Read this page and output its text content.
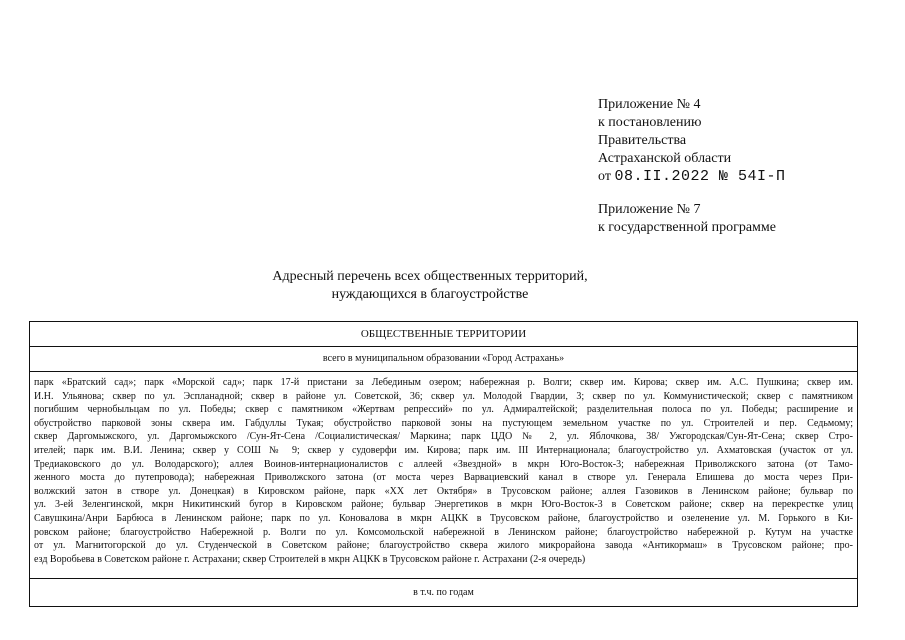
Приложение № 4
к постановлению
Правительства
Астраханской области
от 08.II.2022 № 54I-П
Приложение № 7
к государственной программе
Адресный перечень всех общественных территорий,
нуждающихся в благоустройстве
ОБЩЕСТВЕННЫЕ ТЕРРИТОРИИ
всего в муниципальном образовании «Город Астрахань»
парк «Братский сад»; парк «Морской сад»; парк 17-й пристани за Лебединым озером; набережная р. Волги; сквер им. Кирова; сквер им. А.С. Пушкина; сквер им.
И.Н. Ульянова; сквер по ул. Эспланадной; сквер в районе ул. Советской, 36; сквер ул. Молодой Гвардии, 3; сквер по ул. Коммунистической; сквер с памятником
погибшим чернобыльцам по ул. Победы; сквер с памятником «Жертвам репрессий» по ул. Адмиралтейской; разделительная полоса по ул. Победы; расширение и
обустройство парковой зоны сквера им. Габдуллы Тукая; обустройство парковой зоны на пустующем земельном участке по ул. Строителей и пер. Седьмому;
сквер Даргомыжского, ул. Даргомыжского /Сун-Ят-Сена /Социалистическая/ Маркина; парк ЦДО № 2, ул. Яблочкова, 38/ Ужгородская/Сун-Ят-Сена; сквер Стро-
ителей; парк им. В.И. Ленина; сквер у СОШ № 9; сквер у судоверфи им. Кирова; парк им. III Интернационала; благоустройство ул. Ахматовская (участок от ул.
Тредиаковского до ул. Володарского); аллея Воинов-интернационалистов с аллеей «Звездной» в мкрн Юго-Восток-3; набережная Приволжского затона (от Тамо-
женного моста до путепровода); набережная Приволжского затона (от моста через Варвациевский канал в створе ул. Генерала Епишева до моста через При-
волжский затон в створе ул. Донецкая) в Кировском районе, парк «XX лет Октября» в Трусовском районе; аллея Газовиков в Ленинском районе; бульвар по
ул. 3-ей Зеленгинской, мкрн Никитинский бугор в Кировском районе; бульвар Энергетиков в мкрн Юго-Восток-3 в Советском районе; сквер на перекрестке улиц
Савушкина/Анри Барбюса в Ленинском районе; парк по ул. Коновалова в мкрн АЦКК в Трусовском районе, благоустройство и озеленение ул. М. Горького в Ки-
ровском районе; благоустройство Набережной р. Волги по ул. Комсомольской набережной в Ленинском районе; благоустройство набережной р. Кутум на участке
от ул. Магнитогорской до ул. Студенческой в Советском районе; благоустройство сквера жилого микрорайона завода «Антикормаш» в Трусовском районе; про-
езд Воробьева в Советском районе г. Астрахани; сквер Строителей в мкрн АЦКК в Трусовском районе г. Астрахани (2-я очередь)
в т.ч. по годам
